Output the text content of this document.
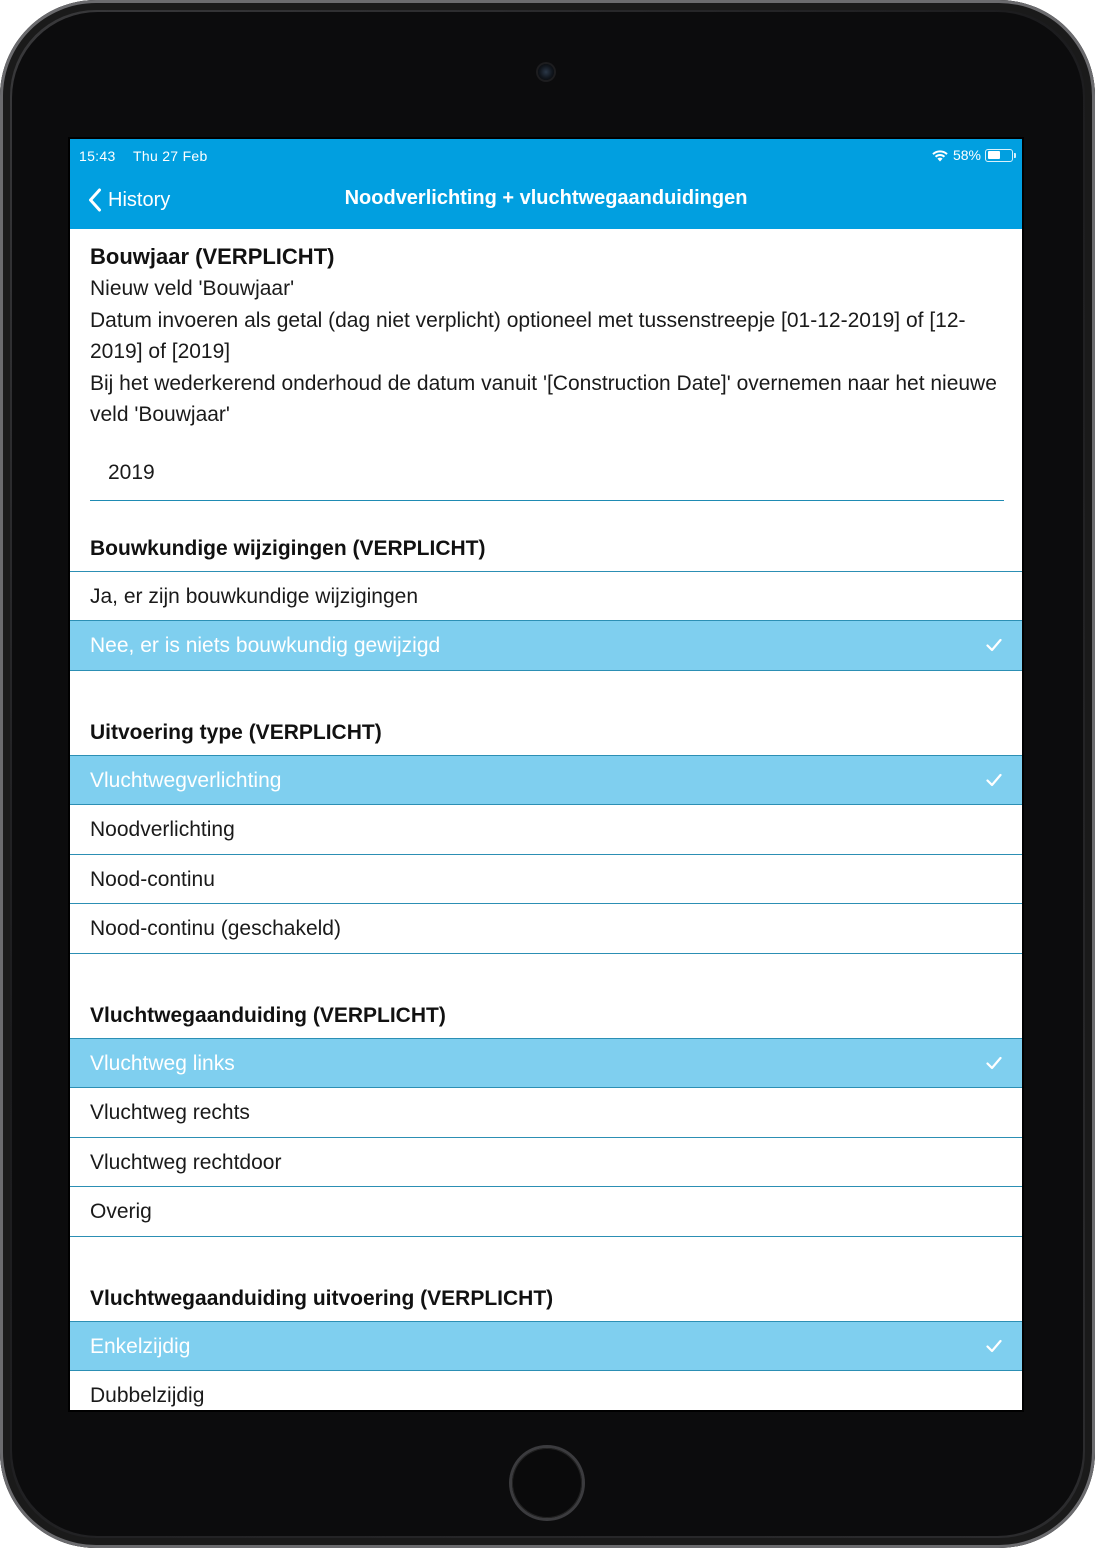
15:43 Thu 27 Feb	58%
History	Noodverlichting + vluchtwegaanduidingen
Bouwjaar (VERPLICHT)
Nieuw veld 'Bouwjaar'
Datum invoeren als getal (dag niet verplicht) optioneel met tussenstreepje [01-12-2019] of [12-2019] of [2019]
Bij het wederkerend onderhoud de datum vanuit '[Construction Date]' overnemen naar het nieuwe veld 'Bouwjaar'
2019
Bouwkundige wijzigingen (VERPLICHT)
Ja, er zijn bouwkundige wijzigingen
Nee, er is niets bouwkundig gewijzigd
Uitvoering type (VERPLICHT)
Vluchtwegverlichting
Noodverlichting
Nood-continu
Nood-continu (geschakeld)
Vluchtwegaanduiding (VERPLICHT)
Vluchtweg links
Vluchtweg rechts
Vluchtweg rechtdoor
Overig
Vluchtwegaanduiding uitvoering (VERPLICHT)
Enkelzijdig
Dubbelzijdig
